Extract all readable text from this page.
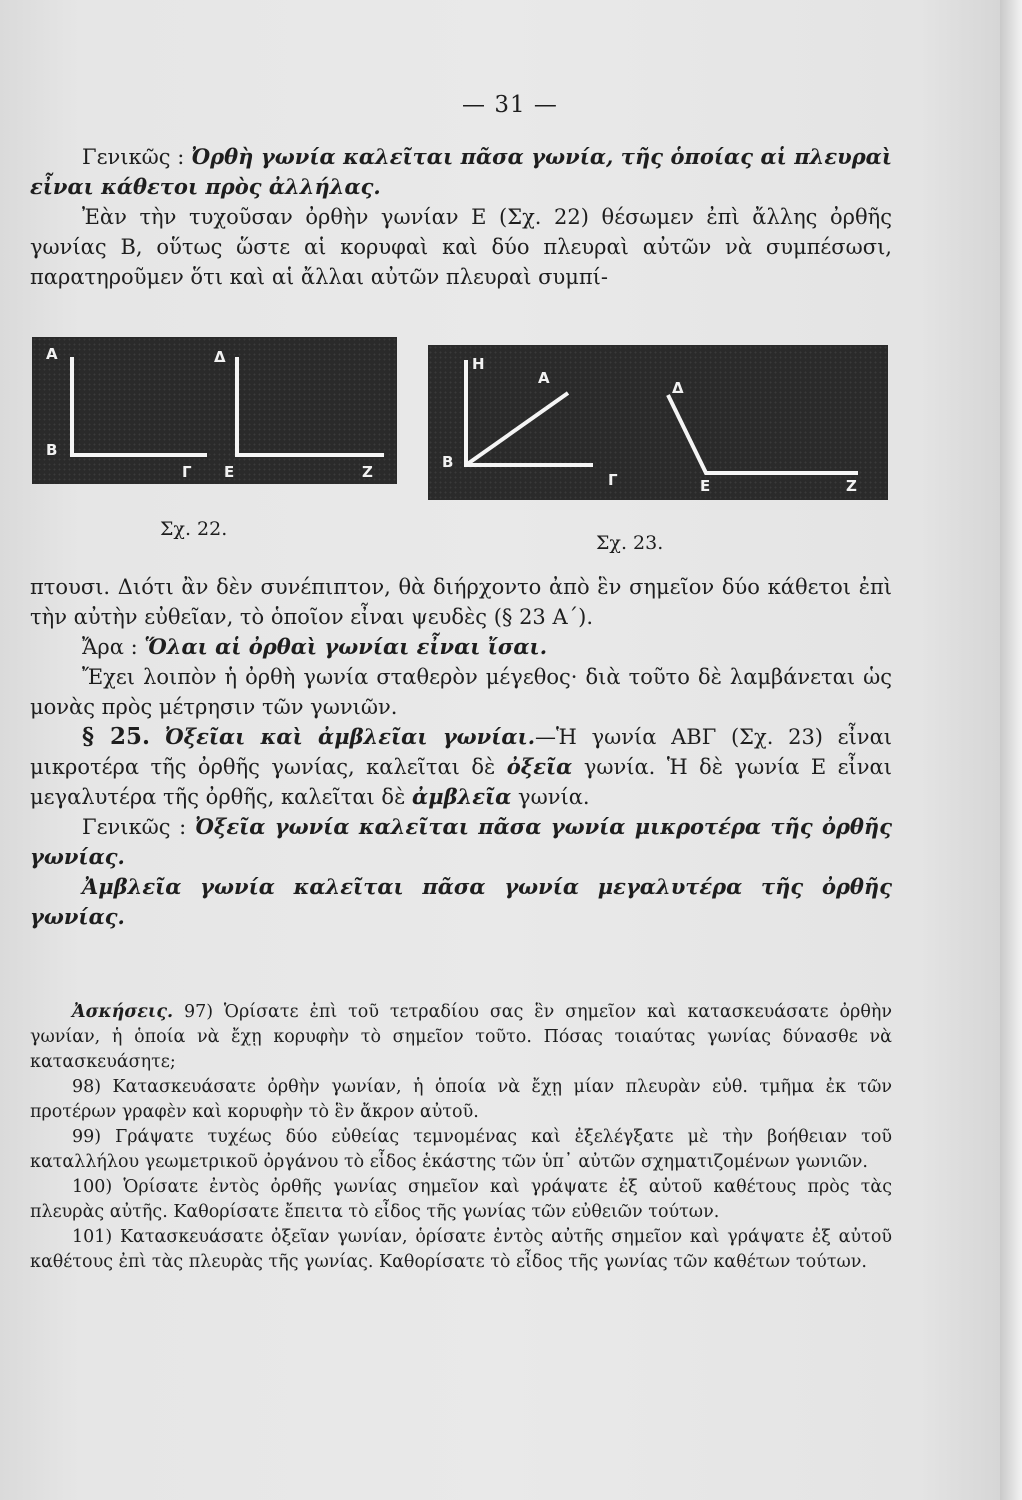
— 31 —

Γενικῶς : Ὀρθὴ γωνία καλεῖται πᾶσα γωνία, τῆς ὁποίας αἱ πλευραὶ εἶναι κάθετοι πρὸς ἀλλήλας.

Ἐὰν τὴν τυχοῦσαν ὀρθὴν γωνίαν Ε (Σχ. 22) θέσωμεν ἐπὶ ἄλλης ὀρθῆς γωνίας Β, οὕτως ὥστε αἱ κορυφαὶ καὶ δύο πλευραὶ αὐτῶν νὰ συμπέσωσι, παρατηροῦμεν ὅτι καὶ αἱ ἄλλαι αὐτῶν πλευραὶ συμπί-

Α
Β
Γ
Δ
Ε	Ζ
Σχ. 22.
Η
Α
Β
Γ
Δ
Ε	Ζ
Σχ. 23.

πτουσι. Διότι ἂν δὲν συνέπιπτον, θὰ διήρχοντο ἀπὸ ἓν σημεῖον δύο κάθετοι ἐπὶ τὴν αὐτὴν εὐθεῖαν, τὸ ὁποῖον εἶναι ψευδὲς (§ 23 Α΄).

Ἄρα : Ὅλαι αἱ ὀρθαὶ γωνίαι εἶναι ἴσαι.

Ἔχει λοιπὸν ἡ ὀρθὴ γωνία σταθερὸν μέγεθος· διὰ τοῦτο δὲ λαμβάνεται ὡς μονὰς πρὸς μέτρησιν τῶν γωνιῶν.

§ 25. Ὀξεῖαι καὶ ἀμβλεῖαι γωνίαι.—Ἡ γωνία ΑΒΓ (Σχ. 23) εἶναι μικροτέρα τῆς ὀρθῆς γωνίας, καλεῖται δὲ ὀξεῖα γωνία. Ἡ δὲ γωνία Ε εἶναι μεγαλυτέρα τῆς ὀρθῆς, καλεῖται δὲ ἀμβλεῖα γωνία.

Γενικῶς : Ὀξεῖα γωνία καλεῖται πᾶσα γωνία μικροτέρα τῆς ὀρθῆς γωνίας.

Ἀμβλεῖα γωνία καλεῖται πᾶσα γωνία μεγαλυτέρα τῆς ὀρθῆς γωνίας.

Ἀσκήσεις. 97) Ὁρίσατε ἐπὶ τοῦ τετραδίου σας ἓν σημεῖον καὶ κατασκευάσατε ὀρθὴν γωνίαν, ἡ ὁποία νὰ ἔχῃ κορυφὴν τὸ σημεῖον τοῦτο. Πόσας τοιαύτας γωνίας δύνασθε νὰ κατασκευάσητε;

98) Κατασκευάσατε ὀρθὴν γωνίαν, ἡ ὁποία νὰ ἔχῃ μίαν πλευρὰν εὐθ. τμῆμα ἐκ τῶν προτέρων γραφὲν καὶ κορυφὴν τὸ ἓν ἄκρον αὐτοῦ.

99) Γράψατε τυχέως δύο εὐθείας τεμνομένας καὶ ἐξελέγξατε μὲ τὴν βοήθειαν τοῦ καταλλήλου γεωμετρικοῦ ὀργάνου τὸ εἶδος ἑκάστης τῶν ὑπ᾽ αὐτῶν σχηματιζομένων γωνιῶν.

100) Ὁρίσατε ἐντὸς ὀρθῆς γωνίας σημεῖον καὶ γράψατε ἐξ αὐτοῦ καθέτους πρὸς τὰς πλευρὰς αὐτῆς. Καθορίσατε ἔπειτα τὸ εἶδος τῆς γωνίας τῶν εὐθειῶν τούτων.

101) Κατασκευάσατε ὀξεῖαν γωνίαν, ὁρίσατε ἐντὸς αὐτῆς σημεῖον καὶ γράψατε ἐξ αὐτοῦ καθέτους ἐπὶ τὰς πλευρὰς τῆς γωνίας. Καθορίσατε τὸ εἶδος τῆς γωνίας τῶν καθέτων τούτων.
